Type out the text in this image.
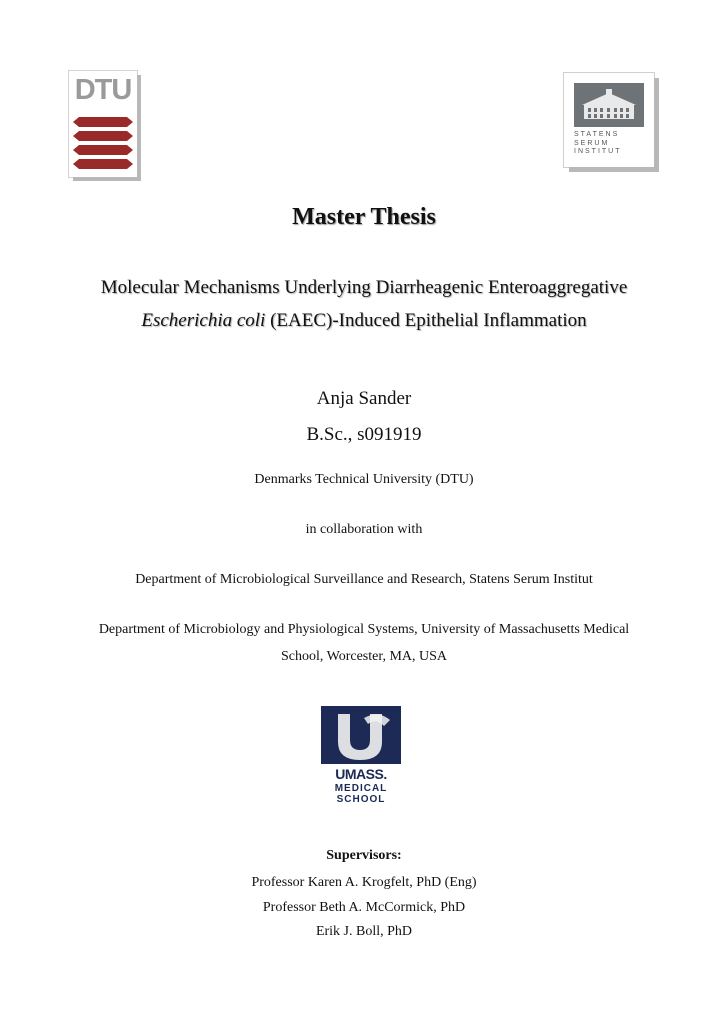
DTU
STATENS
SERUM
INSTITUT
Master Thesis
Molecular Mechanisms Underlying Diarrheagenic Enteroaggregative
Escherichia coli (EAEC)-Induced Epithelial Inflammation
Anja Sander
B.Sc., s091919
Denmarks Technical University (DTU)
in collaboration with
Department of Microbiological Surveillance and Research, Statens Serum Institut
Department of Microbiology and Physiological Systems, University of Massachusetts Medical
School, Worcester, MA, USA
UMASS.
MEDICAL
SCHOOL
Supervisors:
Professor Karen A. Krogfelt, PhD (Eng)
Professor Beth A. McCormick, PhD
Erik J. Boll, PhD
